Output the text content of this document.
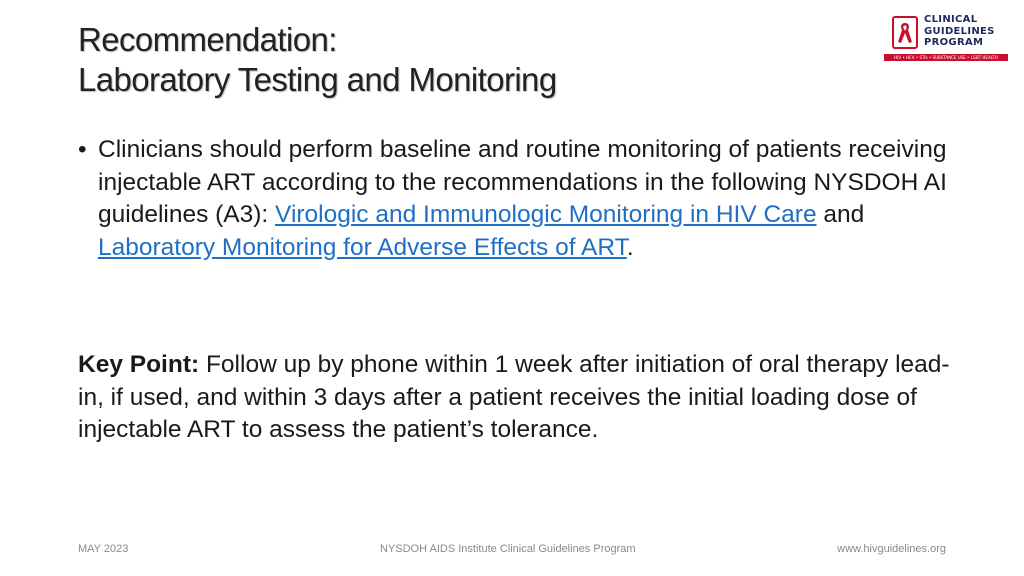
Recommendation:
Laboratory Testing and Monitoring
CLINICAL
GUIDELINES
PROGRAM
HIV • HCV • STIs • SUBSTANCE USE • LGBT HEALTH
• Clinicians should perform baseline and routine monitoring of patients receiving injectable ART according to the recommendations in the following NYSDOH AI guidelines (A3): Virologic and Immunologic Monitoring in HIV Care and Laboratory Monitoring for Adverse Effects of ART.
Key Point: Follow up by phone within 1 week after initiation of oral therapy lead-in, if used, and within 3 days after a patient receives the initial loading dose of injectable ART to assess the patient’s tolerance.
MAY 2023	NYSDOH AIDS Institute Clinical Guidelines Program	www.hivguidelines.org
